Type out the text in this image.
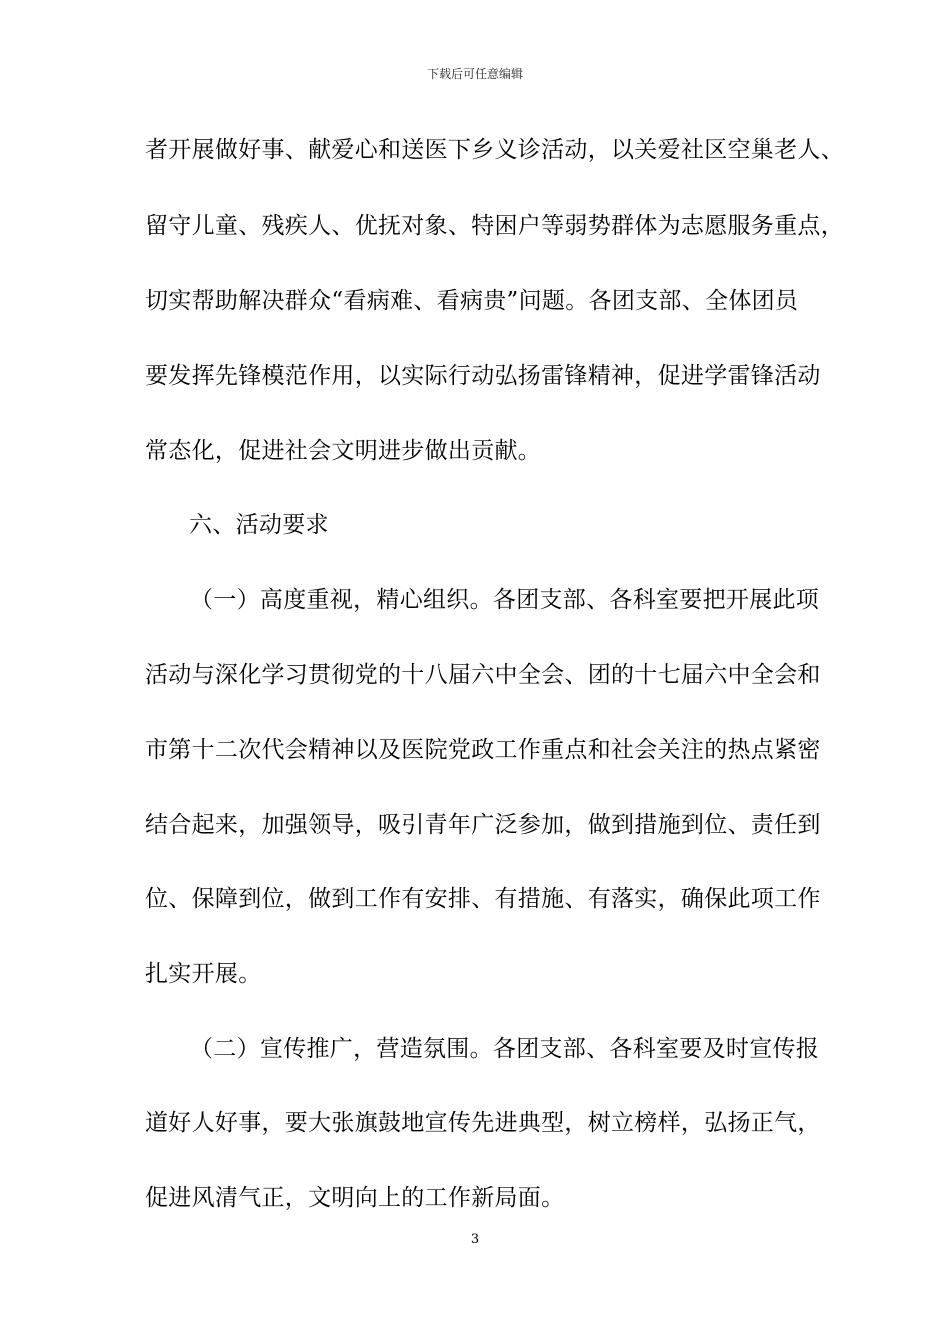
下载后可任意编辑
者开展做好事、献爱心和送医下乡义诊活动，以关爱社区空巢老人、
留守儿童、残疾人、优抚对象、特困户等弱势群体为志愿服务重点，
切实帮助解决群众“看病难、看病贵”问题。各团支部、全体团员
要发挥先锋模范作用，以实际行动弘扬雷锋精神，促进学雷锋活动
常态化，促进社会文明进步做出贡献。
六、活动要求
（一）高度重视，精心组织。各团支部、各科室要把开展此项
活动与深化学习贯彻党的十八届六中全会、团的十七届六中全会和
市第十二次代会精神以及医院党政工作重点和社会关注的热点紧密
结合起来，加强领导，吸引青年广泛参加，做到措施到位、责任到
位、保障到位，做到工作有安排、有措施、有落实，确保此项工作
扎实开展。
（二）宣传推广，营造氛围。各团支部、各科室要及时宣传报
道好人好事，要大张旗鼓地宣传先进典型，树立榜样，弘扬正气，
促进风清气正，文明向上的工作新局面。
3
